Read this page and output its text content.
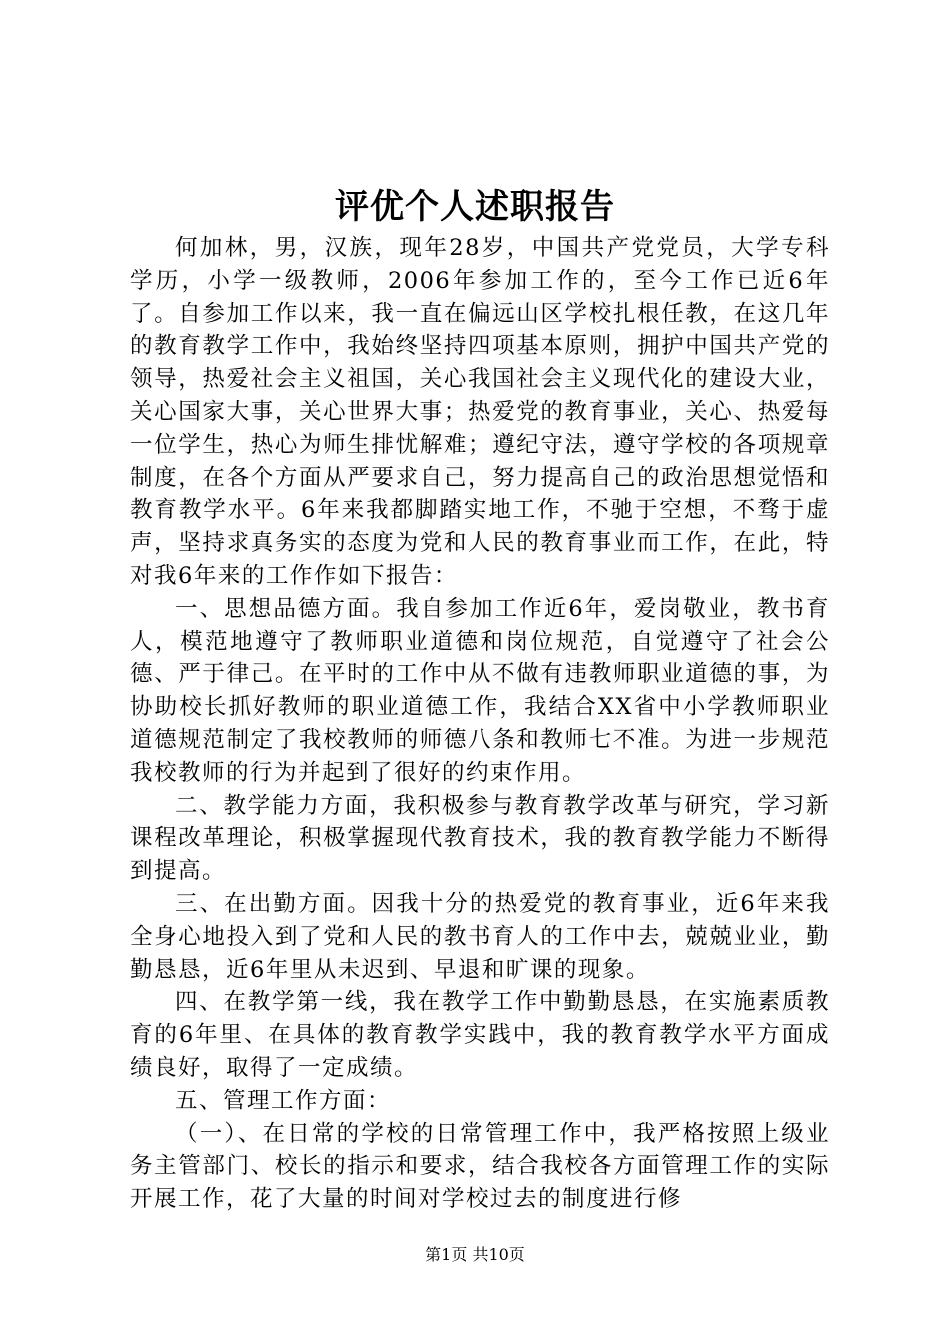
评优个人述职报告

何加林，男，汉族，现年28岁，中国共产党党员，大学专科学历，小学一级教师，2006年参加工作的，至今工作已近6年了。自参加工作以来，我一直在偏远山区学校扎根任教，在这几年的教育教学工作中，我始终坚持四项基本原则，拥护中国共产党的领导，热爱社会主义祖国，关心我国社会主义现代化的建设大业，关心国家大事，关心世界大事；热爱党的教育事业，关心、热爱每一位学生，热心为师生排忧解难；遵纪守法，遵守学校的各项规章制度，在各个方面从严要求自己，努力提高自己的政治思想觉悟和教育教学水平。6年来我都脚踏实地工作，不驰于空想，不骛于虚声，坚持求真务实的态度为党和人民的教育事业而工作，在此，特对我6年来的工作作如下报告：

一、思想品德方面。我自参加工作近6年，爱岗敬业，教书育人，模范地遵守了教师职业道德和岗位规范，自觉遵守了社会公德、严于律己。在平时的工作中从不做有违教师职业道德的事，为协助校长抓好教师的职业道德工作，我结合XX省中小学教师职业道德规范制定了我校教师的师德八条和教师七不准。为进一步规范我校教师的行为并起到了很好的约束作用。

二、教学能力方面，我积极参与教育教学改革与研究，学习新课程改革理论，积极掌握现代教育技术，我的教育教学能力不断得到提高。

三、在出勤方面。因我十分的热爱党的教育事业，近6年来我全身心地投入到了党和人民的教书育人的工作中去，兢兢业业，勤勤恳恳，近6年里从未迟到、早退和旷课的现象。

四、在教学第一线，我在教学工作中勤勤恳恳，在实施素质教育的6年里、在具体的教育教学实践中，我的教育教学水平方面成绩良好，取得了一定成绩。

五、管理工作方面：

（一）、在日常的学校的日常管理工作中，我严格按照上级业务主管部门、校长的指示和要求，结合我校各方面管理工作的实际开展工作，花了大量的时间对学校过去的制度进行修

第1页 共10页
